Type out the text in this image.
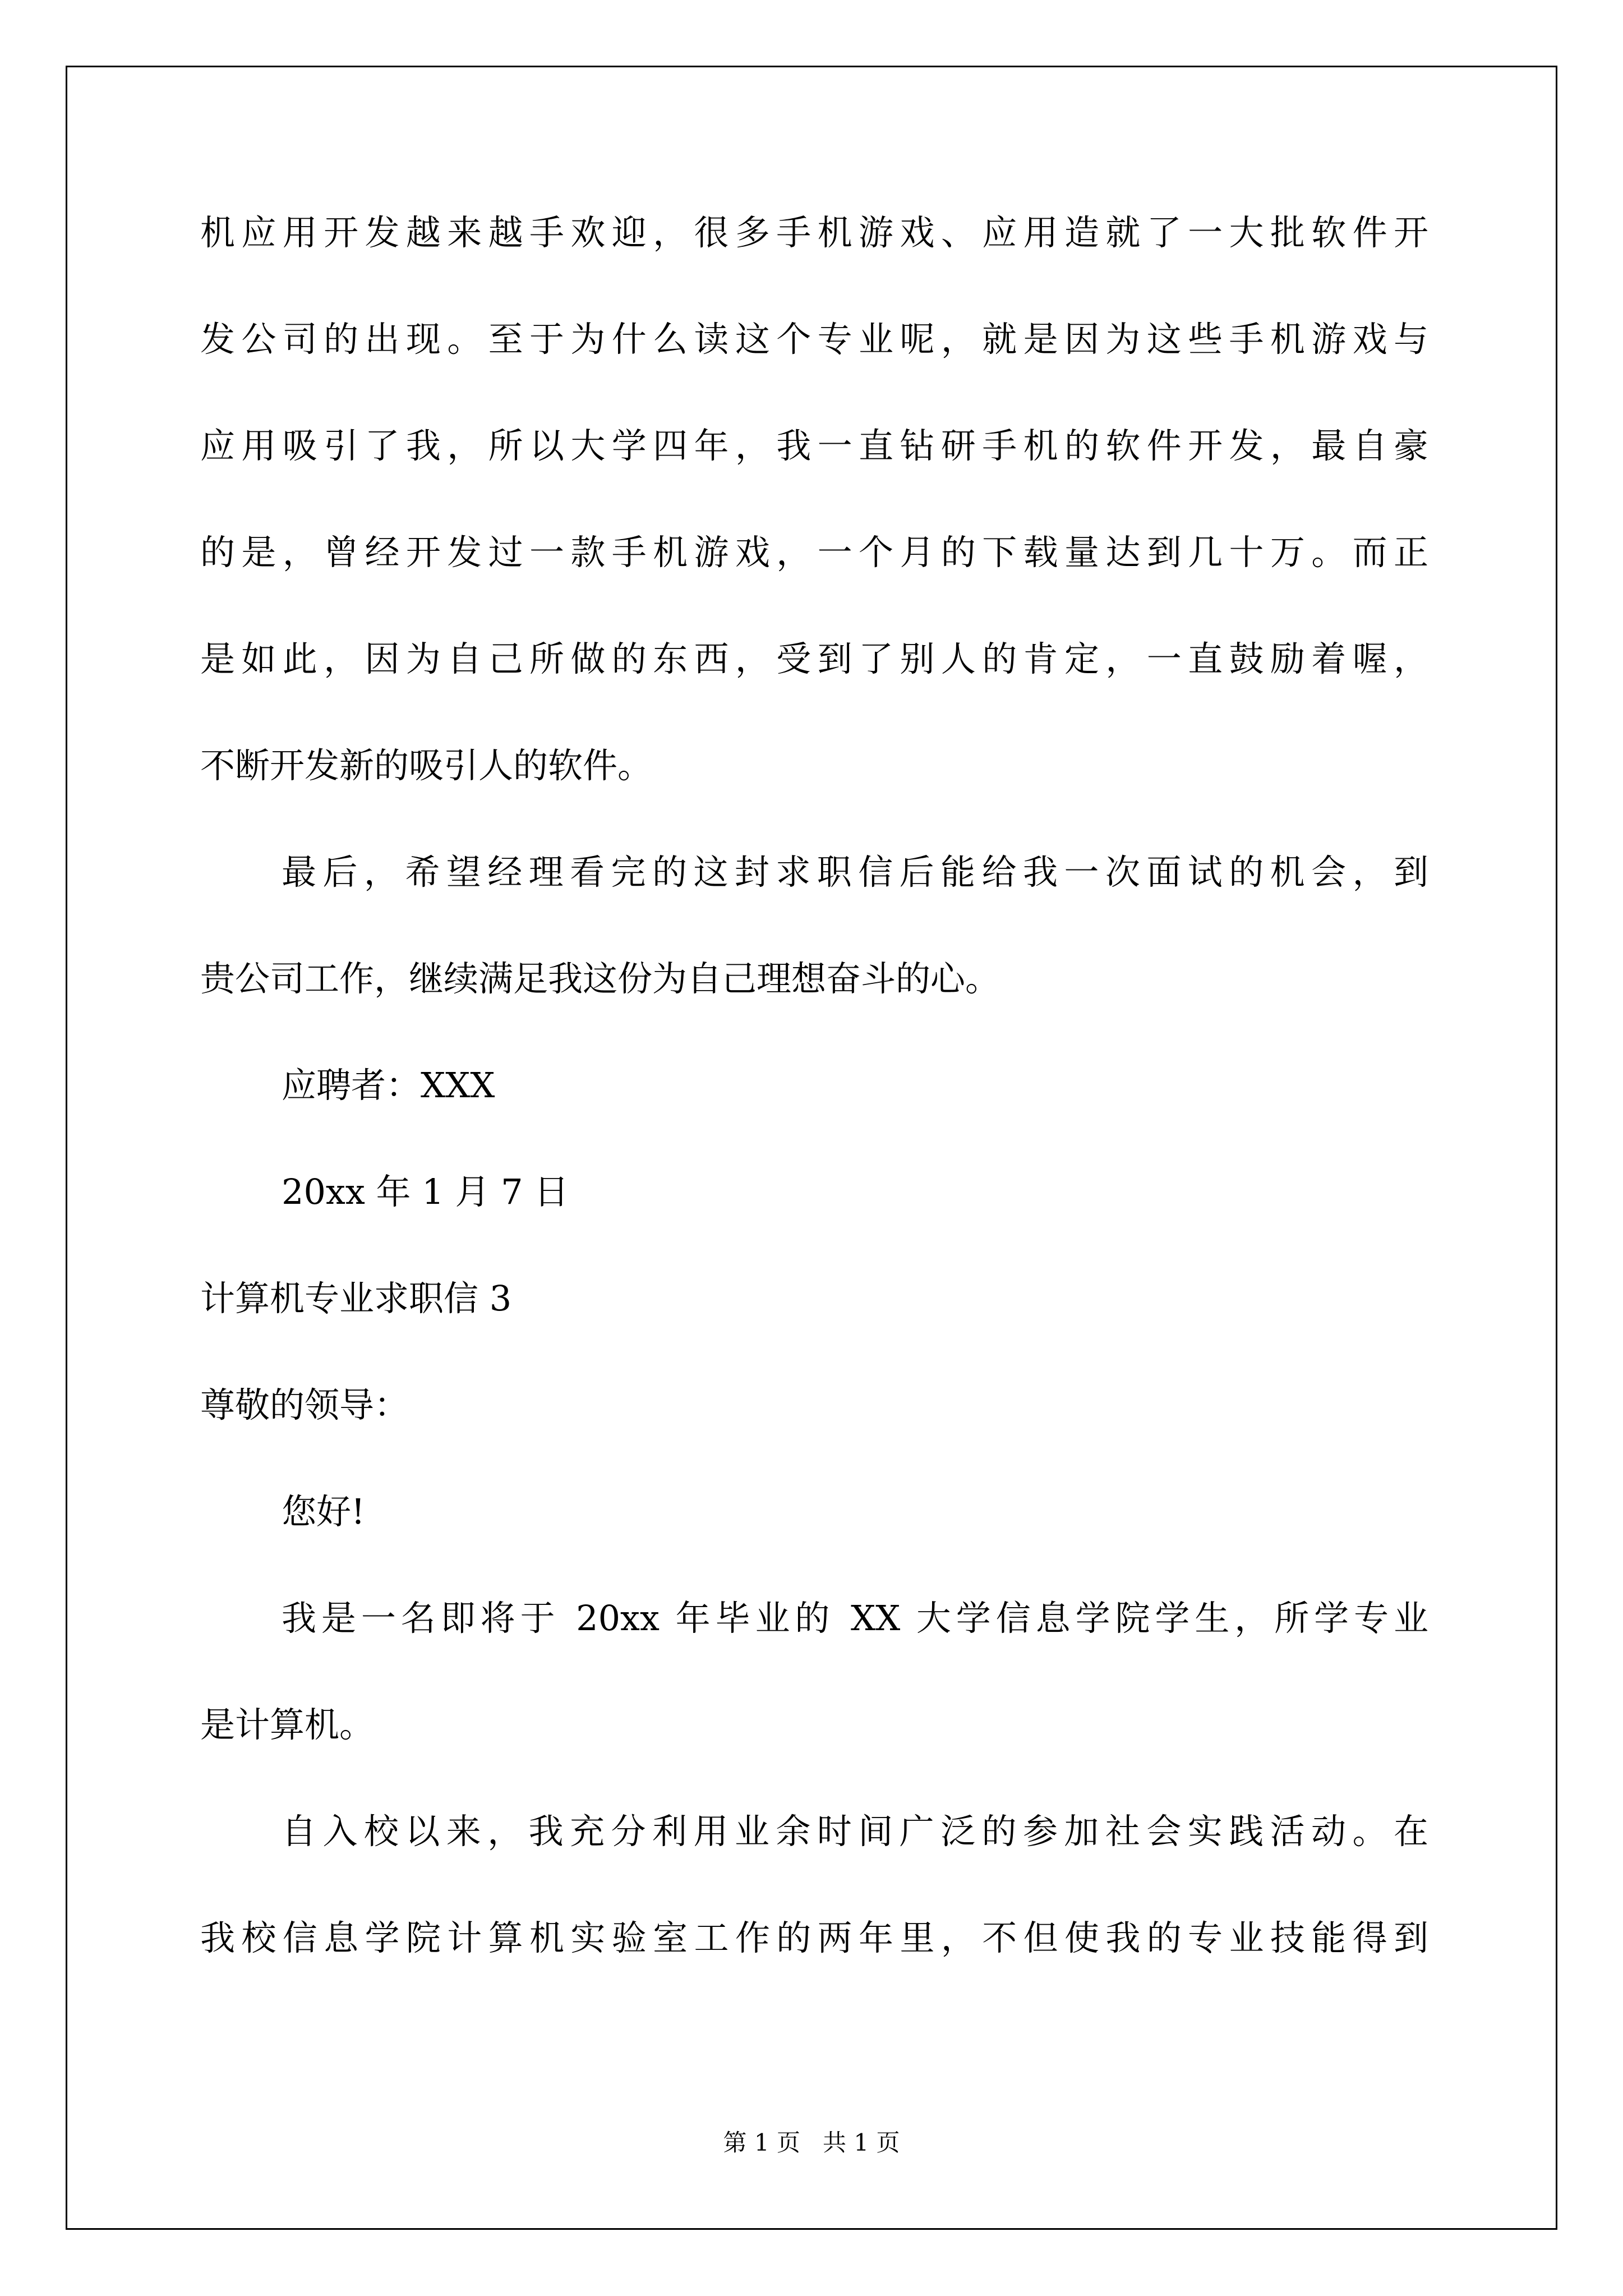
机应用开发越来越手欢迎，很多手机游戏、应用造就了一大批软件开
发公司的出现。至于为什么读这个专业呢，就是因为这些手机游戏与
应用吸引了我，所以大学四年，我一直钻研手机的软件开发，最自豪
的是，曾经开发过一款手机游戏，一个月的下载量达到几十万。而正
是如此，因为自己所做的东西，受到了别人的肯定，一直鼓励着喔，
不断开发新的吸引人的软件。
最后，希望经理看完的这封求职信后能给我一次面试的机会，到
贵公司工作，继续满足我这份为自己理想奋斗的心。
应聘者：XXX
20xx 年 1 月 7 日
计算机专业求职信 3
尊敬的领导：
您好!
我是一名即将于 20xx 年毕业的 XX 大学信息学院学生，所学专业
是计算机。
自入校以来，我充分利用业余时间广泛的参加社会实践活动。在
我校信息学院计算机实验室工作的两年里，不但使我的专业技能得到
第 1 页   共 1 页
